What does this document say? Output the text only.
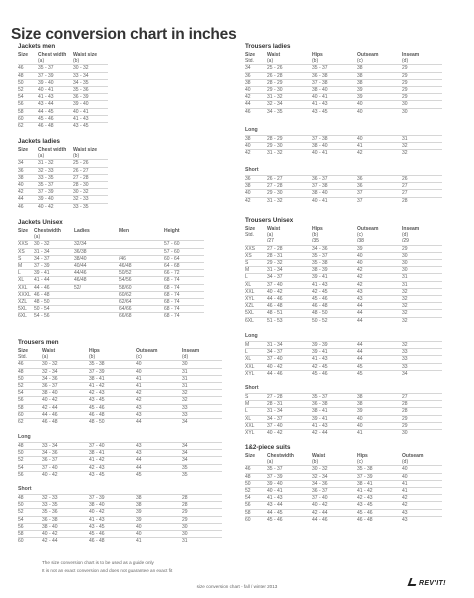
Size conversion chart in inches
Jackets men
Size	Chest width	Waist size
	(a)	(b)
46	35 - 37	30 - 32
48	37 - 39	33 - 34
50	39 - 40	34 - 35
52	40 - 41	35 - 36
54	41 - 43	36 - 39
56	43 - 44	39 - 40
58	44 - 45	40 - 41
60	45 - 46	41 - 43
62	46 - 48	43 - 45
Jackets ladies
Size	Chest width	Waist size
	(a)	(b)
34	31 - 32	25 - 26
36	32 - 33	26 - 27
38	33 - 35	27 - 28
40	35 - 37	28 - 30
42	37 - 39	30 - 32
44	39 - 40	32 - 33
46	40 - 42	33 - 35
Jackets Unisex
Size	Chestwidth	Ladies	Men	Height
	(a)			
XXS	30 - 32	32/34		57 - 60
XS	31 - 34	36/38		57 - 60
S	34 - 37	38/40	/46	60 - 64
M	37 - 39	40/44	46/48	64 - 68
L	39 - 41	44/46	50/52	66 - 72
XL	41 - 44	46/48	54/56	68 - 74
XXL	44 - 46	52/	58/60	68 - 74
XXXL	46 - 48		60/62	68 - 74
XZL	48 - 50		62/64	68 - 74
5XL	50 - 54		64/66	68 - 74
6XL	54 - 56		66/68	68 - 74
Trousers men
Size	Waist	Hips	Outseam	Inseam
Std.	(a)	(b)	(c)	(d)
46	30 - 32	35 - 38	40	30
48	32 - 34	37 - 39	40	31
50	34 - 36	38 - 41	41	31
52	36 - 37	41 - 42	41	31
54	38 - 40	42 - 43	42	32
56	40 - 42	43 - 45	42	32
58	42 - 44	45 - 46	43	33
60	44 - 46	46 - 48	43	33
62	46 - 48	48 - 50	44	34
Long
48	33 - 34	37 - 40	43	34
50	34 - 36	38 - 41	43	34
52	36 - 37	41 - 42	44	34
54	37 - 40	42 - 43	44	35
56	40 - 42	43 - 45	45	35
Short
48	32 - 33	37 - 39	38	28
50	33 - 35	38 - 40	38	28
52	35 - 36	40 - 42	39	29
54	36 - 38	41 - 43	39	29
56	38 - 40	43 - 45	40	30
58	40 - 42	45 - 46	40	30
60	42 - 44	46 - 48	41	31
Trousers ladies
Size	Waist	Hips	Outseam	Inseam
Std.	(a)	(b)	(c)	(d)
34	25 - 26	35 - 37	38	29
36	26 - 28	36 - 38	38	29
38	28 - 29	37 - 38	38	29
40	29 - 30	38 - 40	39	29
42	31 - 32	40 - 41	39	29
44	32 - 34	41 - 43	40	30
46	34 - 35	43 - 45	40	30
Long
38	28 - 29	37 - 38	40	31
40	29 - 30	38 - 40	41	32
42	31 - 32	40 - 41	42	32
Short
36	26 - 27	36 - 37	36	26
38	27 - 28	37 - 38	36	27
40	29 - 30	38 - 40	37	27
42	31 - 32	40 - 41	37	28
Trousers Unisex
Size	Waist	Hips	Outseam	Inseam
Std.	(a)	(b)	(c)	(d)
	/27	/35	/38	/29
XXS	27 - 28	34 - 36	39	29
XS	28 - 31	35 - 37	40	30
S	29 - 32	35 - 38	40	30
M	31 - 34	38 - 39	42	30
L	34 - 37	39 - 41	42	31
XL	37 - 40	41 - 43	42	31
XXL	40 - 42	42 - 45	43	32
XYL	44 - 46	45 - 46	43	32
XZL	46 - 48	46 - 48	44	32
5XL	48 - 51	48 - 50	44	32
6XL	51 - 53	50 - 52	44	32
Long
M	31 - 34	39 - 39	44	32
L	34 - 37	39 - 41	44	33
XL	37 - 40	41 - 43	44	33
XXL	40 - 42	42 - 45	45	33
XYL	44 - 46	45 - 46	45	34
Short
S	27 - 28	35 - 37	38	27
M	28 - 31	36 - 38	38	28
L	31 - 34	38 - 41	39	28
XL	34 - 37	39 - 41	40	29
XXL	37 - 40	41 - 43	40	29
XYL	40 - 42	42 - 44	41	30
1&2-piece suits
Size	Chestwidth	Waist	Hips	Outseam
	(a)	(b)	(c)	(d)
46	35 - 37	30 - 32	35 - 38	40
48	37 - 39	32 - 34	37 - 39	40
50	39 - 40	34 - 36	38 - 41	41
52	40 - 41	36 - 37	41 - 42	41
54	41 - 43	37 - 40	42 - 43	42
56	43 - 44	40 - 42	43 - 45	42
58	44 - 45	42 - 44	45 - 46	43
60	45 - 46	44 - 46	46 - 48	43
The size conversion chart is to be used as a guide only
It is not an exact conversion and does not guarantee an exact fit
size conversion chart - fall / winter 2013	REV'IT!
